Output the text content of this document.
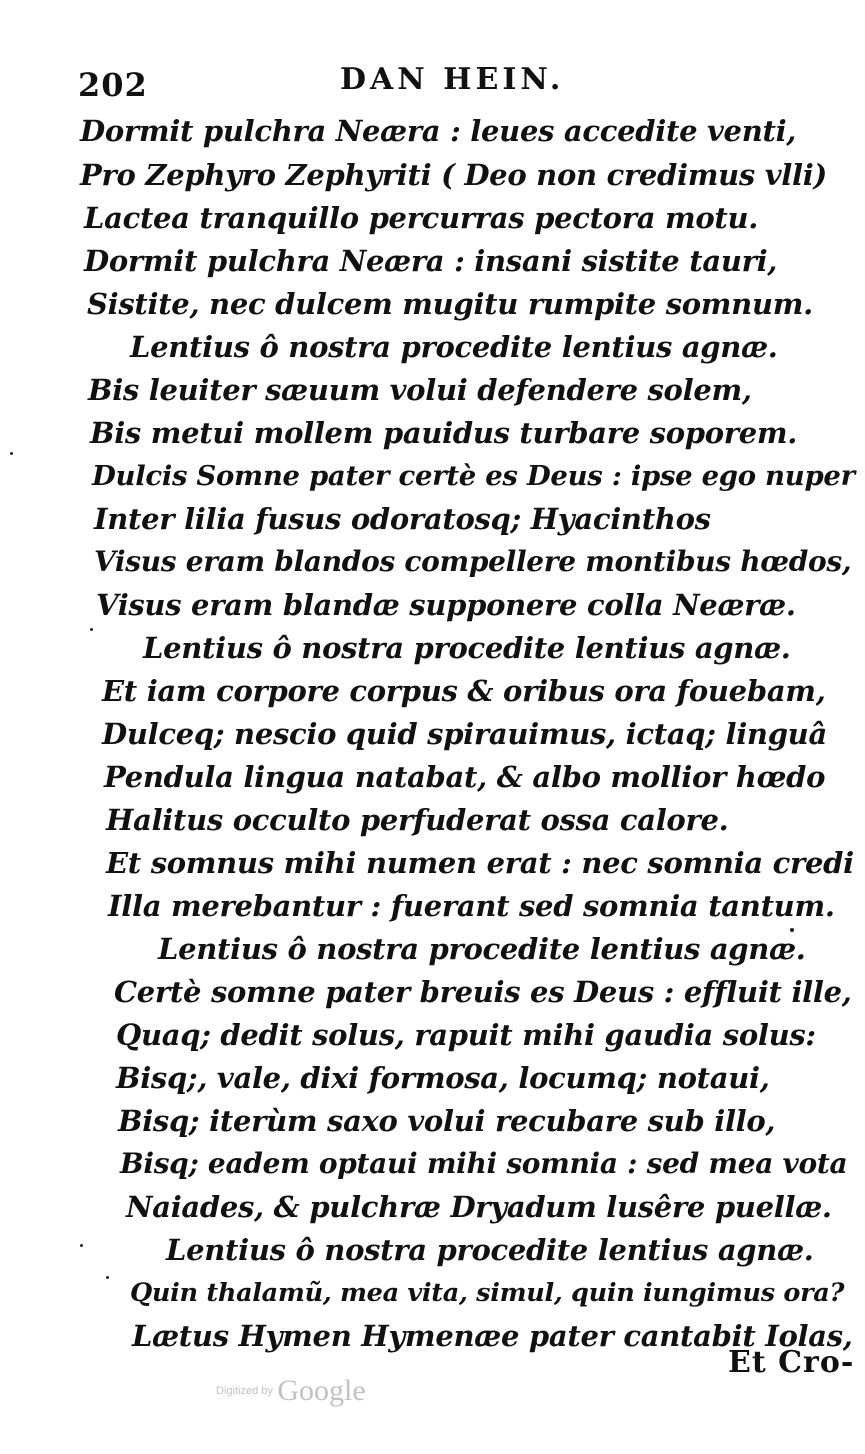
202	DAN HEIN.
Dormit pulchra Neæra : leues accedite venti,
Pro Zephyro Zephyriti ( Deo non credimus vlli)
Lactea tranquillo percurras pectora motu.
Dormit pulchra Neæra : insani sistite tauri,
Sistite, nec dulcem mugitu rumpite somnum.
Lentius ô nostra procedite lentius agnæ.
Bis leuiter sæuum volui defendere solem,
Bis metui mollem pauidus turbare soporem.
Dulcis Somne pater certè es Deus : ipse ego nuper
Inter lilia fusus odoratosq; Hyacinthos
Visus eram blandos compellere montibus hœdos,
Visus eram blandæ supponere colla Neæræ.
Lentius ô nostra procedite lentius agnæ.
Et iam corpore corpus & oribus ora fouebam,
Dulceq; nescio quid spirauimus, ictaq; linguâ
Pendula lingua natabat, & albo mollior hœdo
Halitus occulto perfuderat ossa calore.
Et somnus mihi numen erat : nec somnia credi
Illa merebantur : fuerant sed somnia tantum.
Lentius ô nostra procedite lentius agnæ.
Certè somne pater breuis es Deus : effluit ille,
Quaq; dedit solus, rapuit mihi gaudia solus:
Bisq;, vale, dixi formosa, locumq; notaui,
Bisq; iterùm saxo volui recubare sub illo,
Bisq; eadem optaui mihi somnia : sed mea vota
Naiades, & pulchræ Dryadum lusêre puellæ.
Lentius ô nostra procedite lentius agnæ.
Quin thalamũ, mea vita, simul, quin iungimus ora?
Lætus Hymen Hymenæe pater cantabit Iolas,
Et Cro-
Digitized by Google
